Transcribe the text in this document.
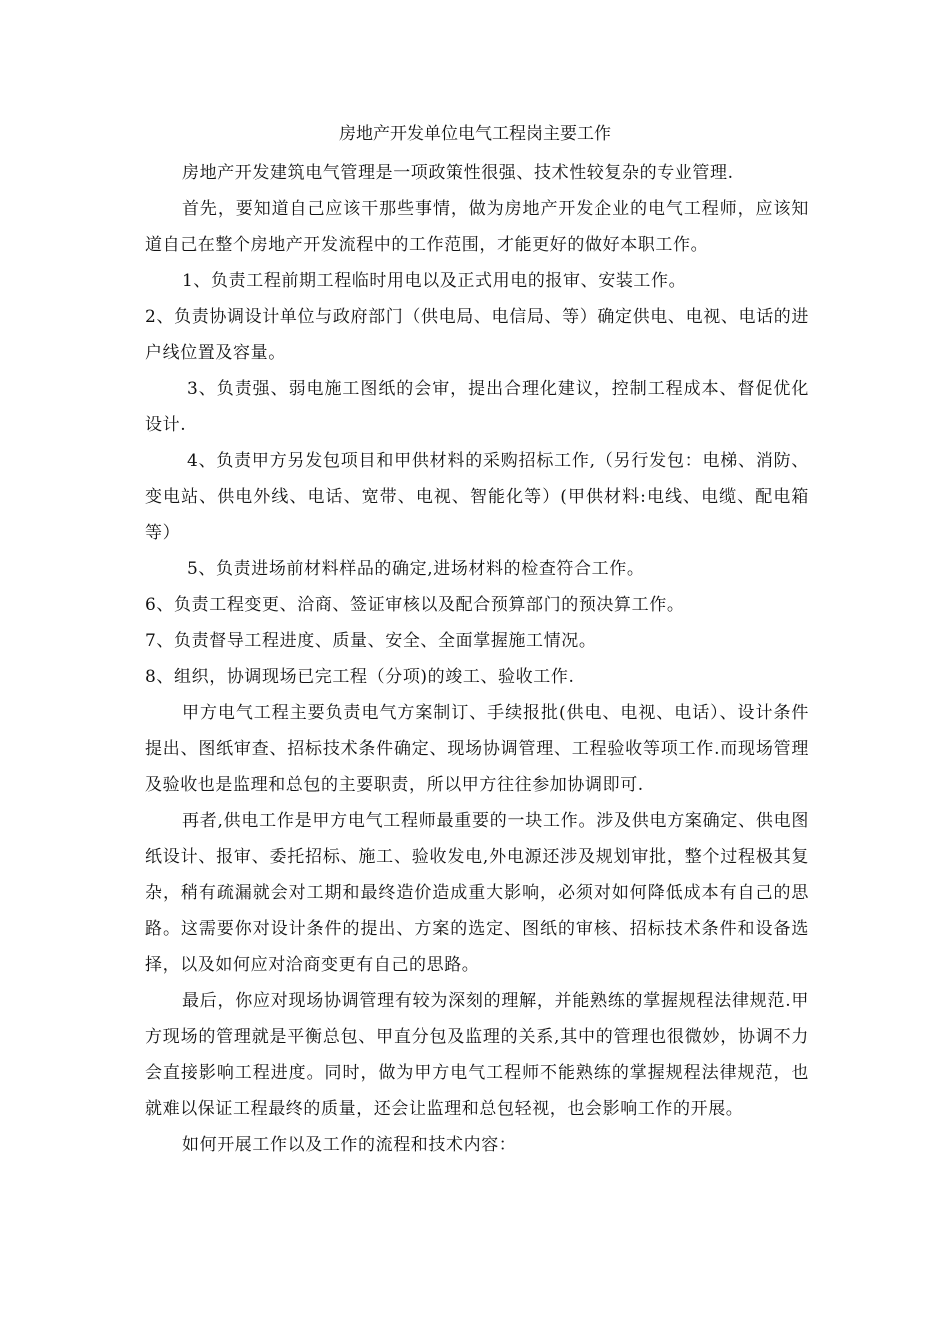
房地产开发单位电气工程岗主要工作

房地产开发建筑电气管理是一项政策性很强、技术性较复杂的专业管理.

首先，要知道自己应该干那些事情，做为房地产开发企业的电气工程师，应该知道自己在整个房地产开发流程中的工作范围，才能更好的做好本职工作。

1、负责工程前期工程临时用电以及正式用电的报审、安装工作。

2、负责协调设计单位与政府部门（供电局、电信局、等）确定供电、电视、电话的进户线位置及容量。

3、负责强、弱电施工图纸的会审，提出合理化建议，控制工程成本、督促优化设计.

4、负责甲方另发包项目和甲供材料的采购招标工作,（另行发包：电梯、消防、变电站、供电外线、电话、宽带、电视、智能化等）(甲供材料:电线、电缆、配电箱等）

5、负责进场前材料样品的确定,进场材料的检查符合工作。

6、负责工程变更、洽商、签证审核以及配合预算部门的预决算工作。

7、负责督导工程进度、质量、安全、全面掌握施工情况。

8、组织，协调现场已完工程（分项)的竣工、验收工作.

甲方电气工程主要负责电气方案制订、手续报批(供电、电视、电话）、设计条件提出、图纸审查、招标技术条件确定、现场协调管理、工程验收等项工作.而现场管理及验收也是监理和总包的主要职责，所以甲方往往参加协调即可.

再者,供电工作是甲方电气工程师最重要的一块工作。涉及供电方案确定、供电图纸设计、报审、委托招标、施工、验收发电,外电源还涉及规划审批，整个过程极其复杂，稍有疏漏就会对工期和最终造价造成重大影响，必须对如何降低成本有自己的思路。这需要你对设计条件的提出、方案的选定、图纸的审核、招标技术条件和设备选择，以及如何应对洽商变更有自己的思路。

最后，你应对现场协调管理有较为深刻的理解，并能熟练的掌握规程法律规范.甲方现场的管理就是平衡总包、甲直分包及监理的关系,其中的管理也很微妙，协调不力会直接影响工程进度。同时，做为甲方电气工程师不能熟练的掌握规程法律规范，也就难以保证工程最终的质量，还会让监理和总包轻视，也会影响工作的开展。

如何开展工作以及工作的流程和技术内容：
